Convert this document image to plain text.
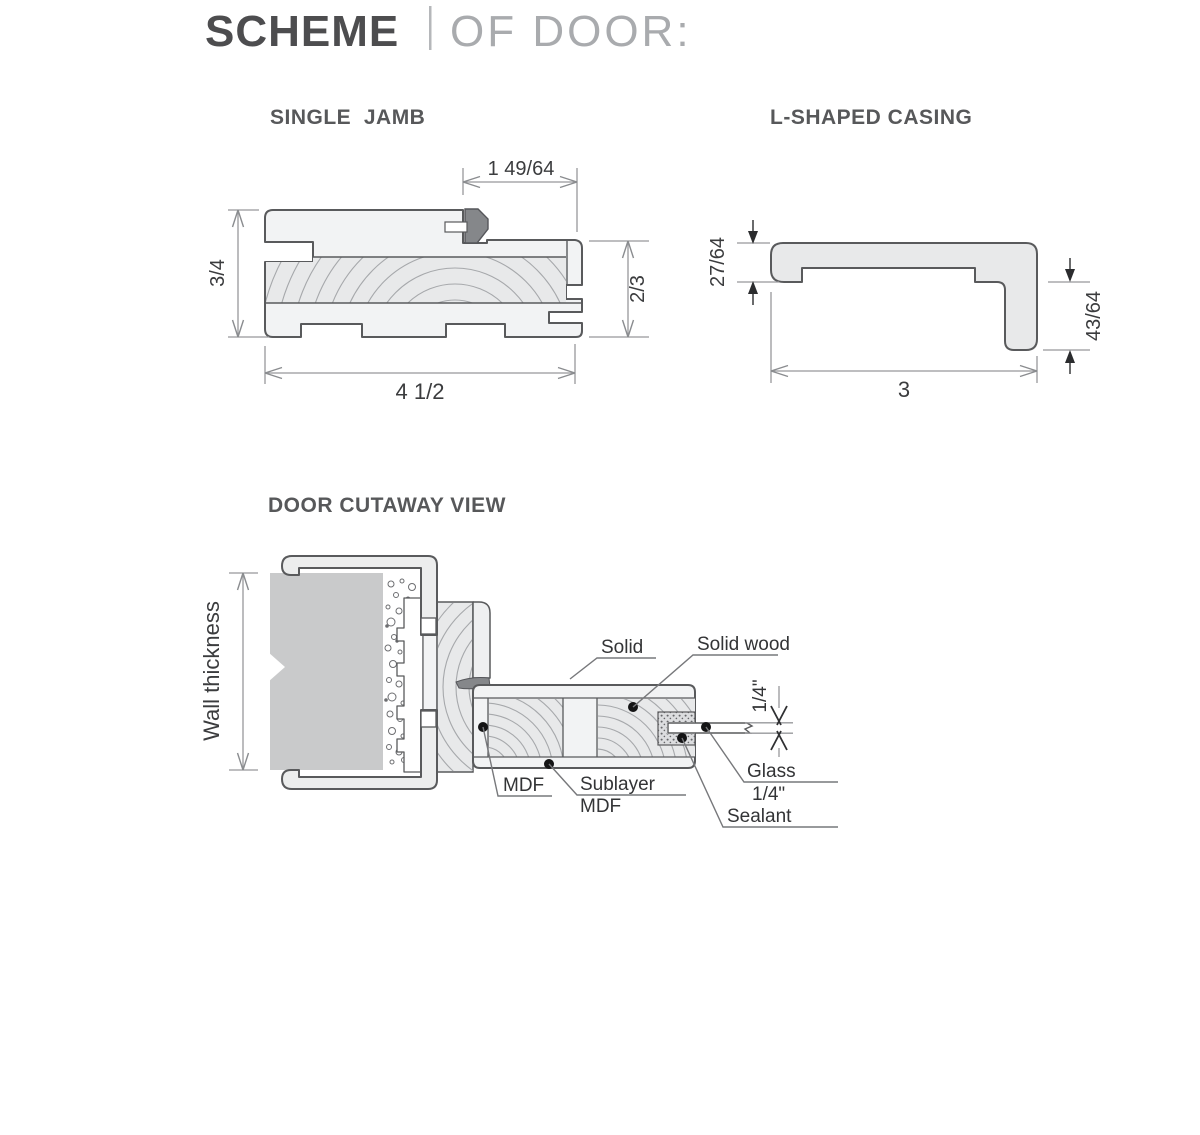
SCHEME OF DOOR:
SINGLE  JAMB
1 49/64
3/4
2/3
4 1/2
L-SHAPED CASING
27/64
43/64
3
DOOR CUTAWAY VIEW
Solid	Solid wood
MDF Sublayer
MDF
Glass
1/4"
Sealant
1/4"
Wall thickness
